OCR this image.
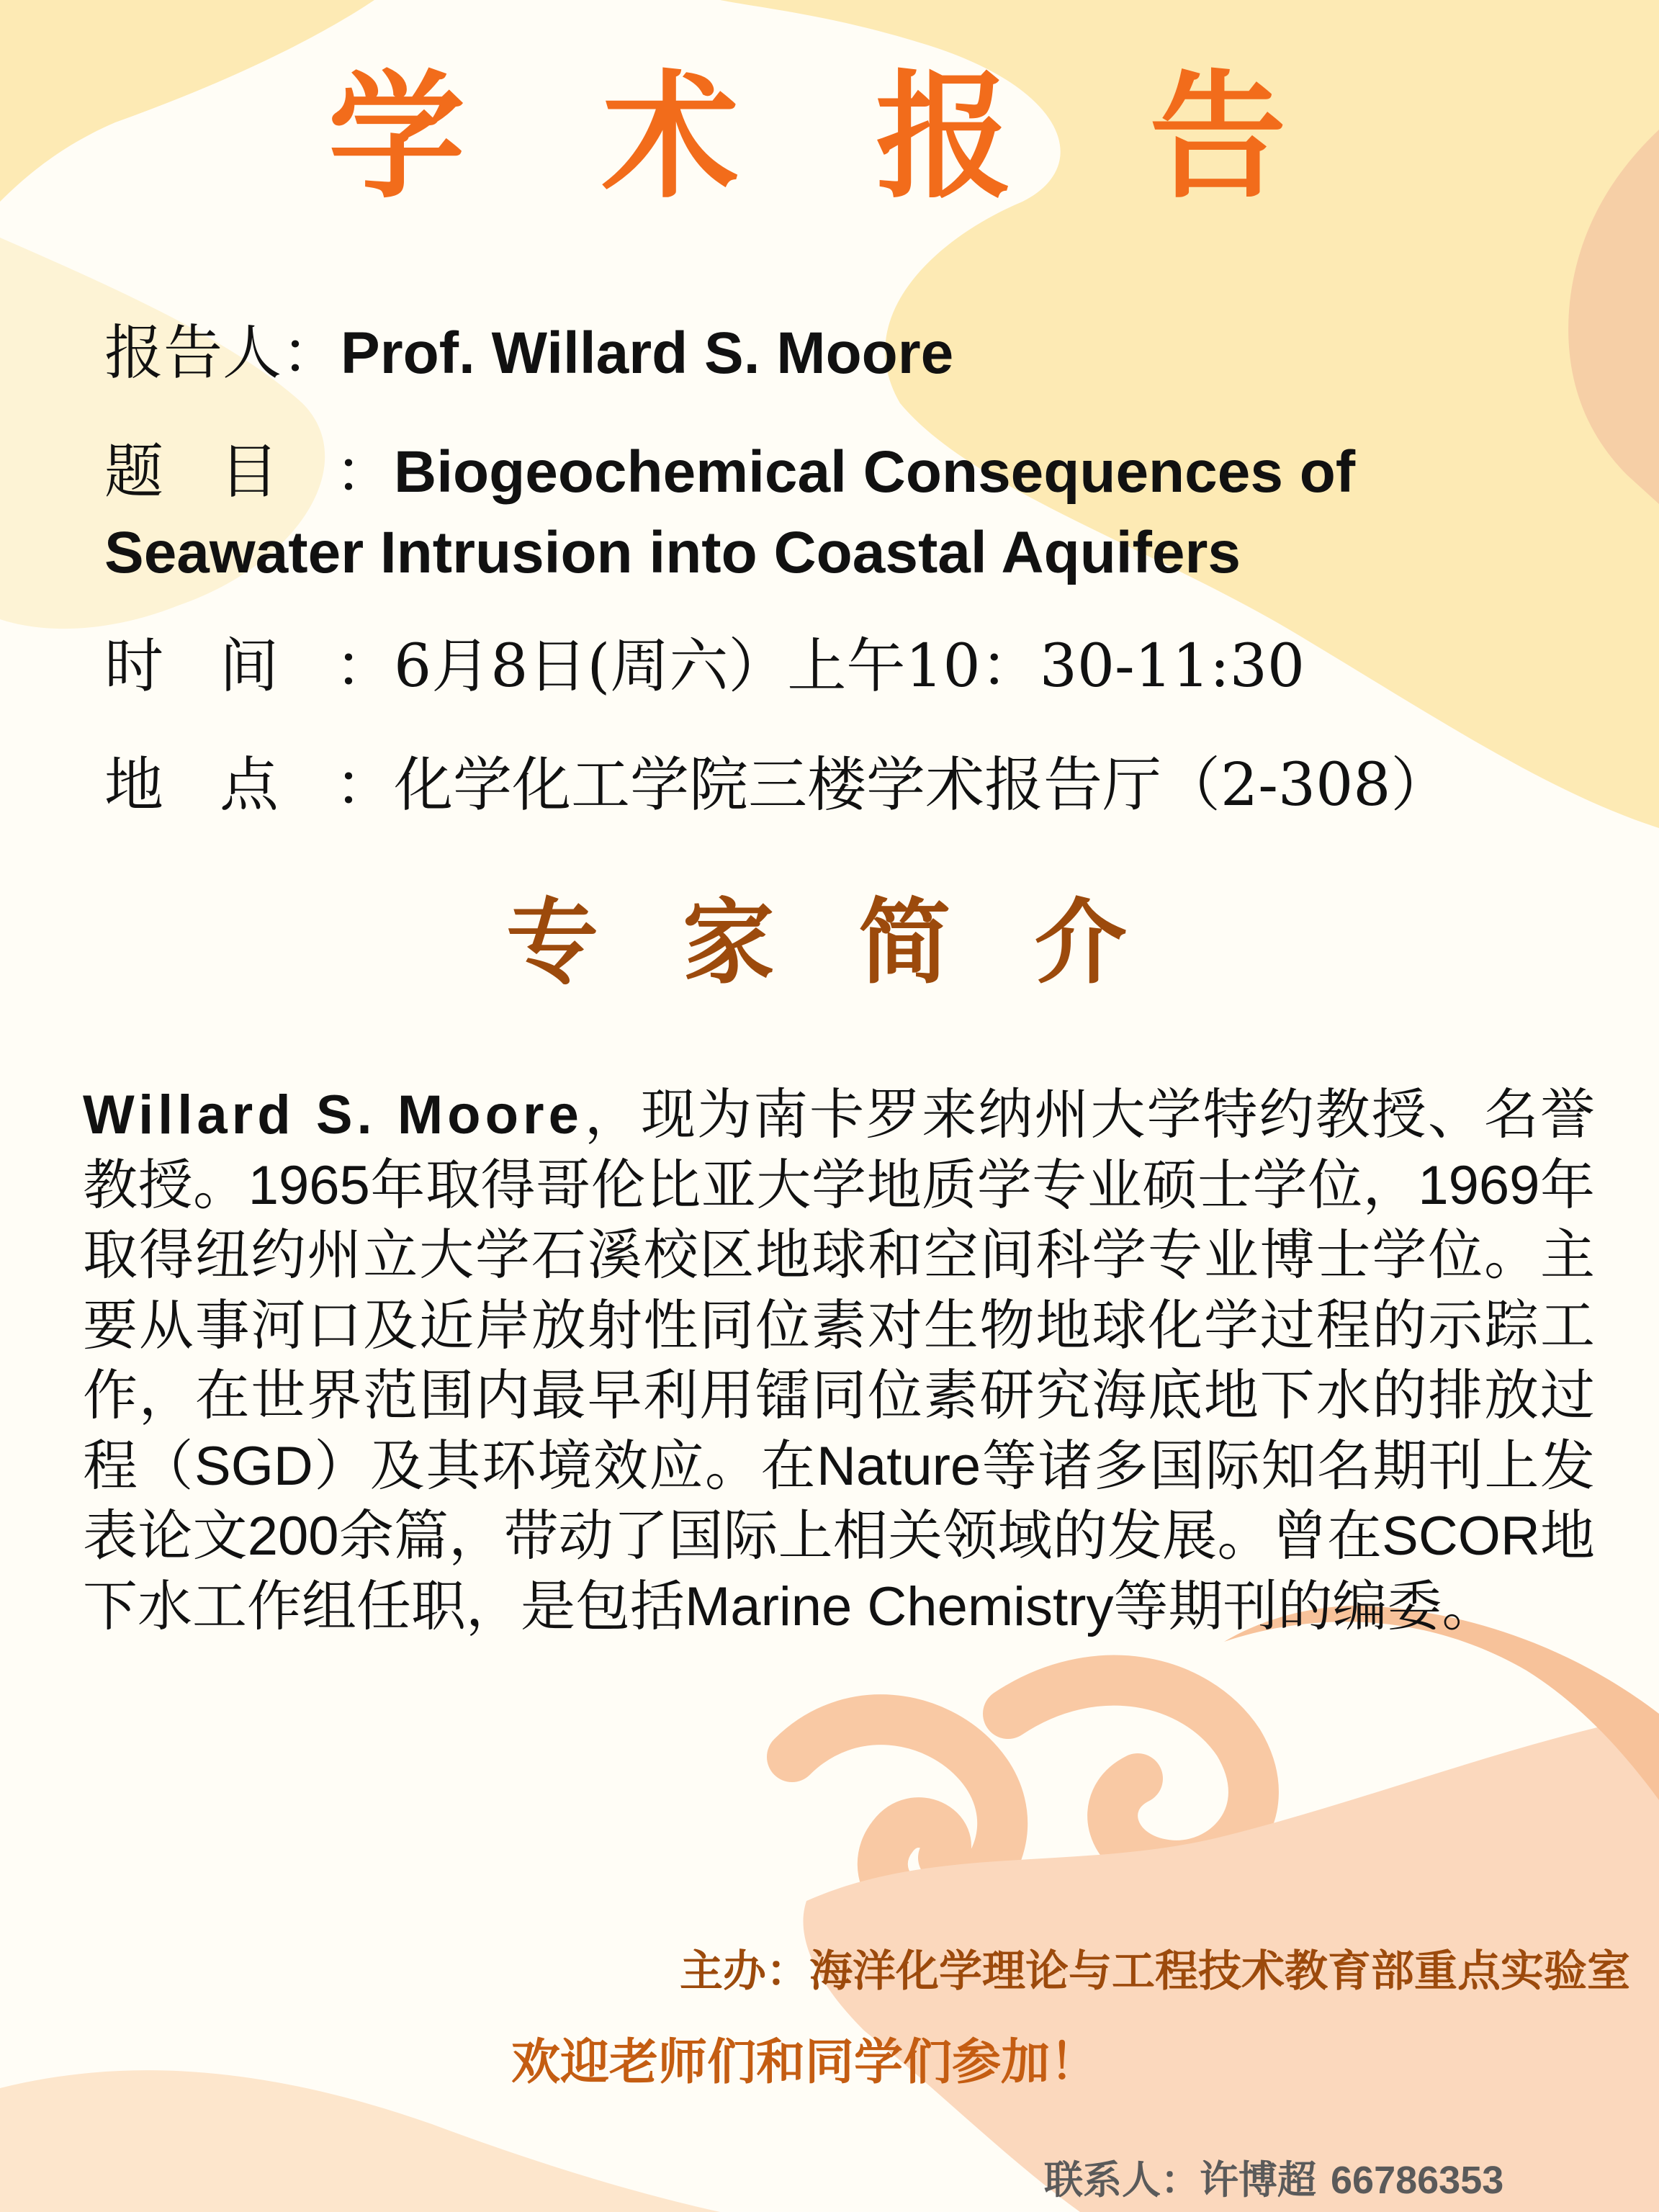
学 术 报 告
报告人：Prof. Willard S. Moore
题目：Biogeochemical Consequences of
Seawater Intrusion into Coastal Aquifers
时间：6月8日(周六）上午10：30-11:30
地点：化学化工学院三楼学术报告厅（2-308）
专 家 简 介
Willard S. Moore，现为南卡罗来纳州大学特约教授、名誉教授。1965年取得哥伦比亚大学地质学专业硕士学位，1969年取得纽约州立大学石溪校区地球和空间科学专业博士学位。主要从事河口及近岸放射性同位素对生物地球化学过程的示踪工作，在世界范围内最早利用镭同位素研究海底地下水的排放过程（SGD）及其环境效应。在Nature等诸多国际知名期刊上发表论文200余篇，带动了国际上相关领域的发展。曾在SCOR地下水工作组任职，是包括Marine Chemistry等期刊的编委。
主办：海洋化学理论与工程技术教育部重点实验室
欢迎老师们和同学们参加！
联系人：许博超 66786353
